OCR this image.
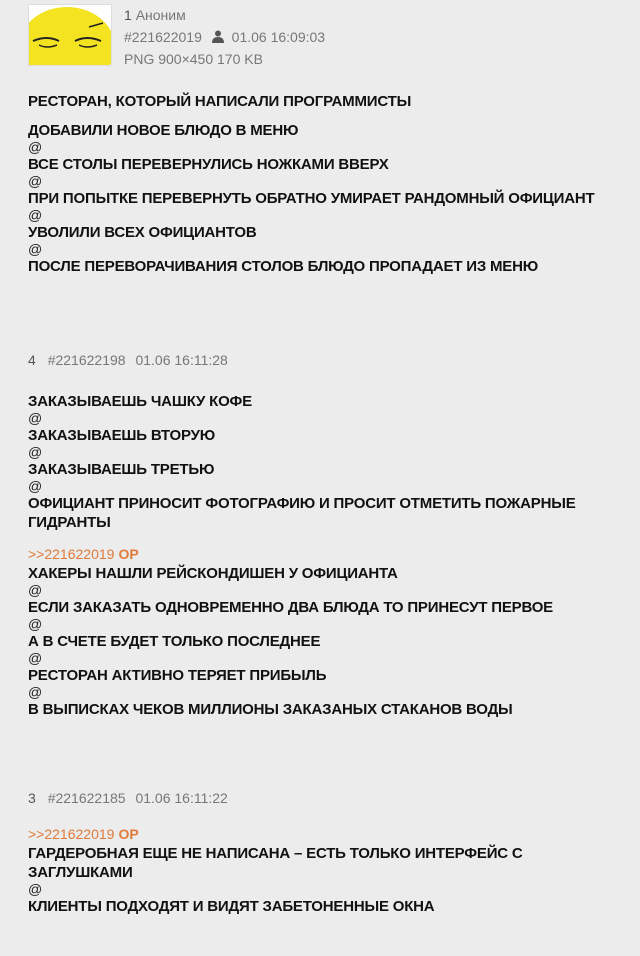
1 Аноним
#221622019 01.06 16:09:03
PNG 900×450 170 KB
РЕСТОРАН, КОТОРЫЙ НАПИСАЛИ ПРОГРАММИСТЫ
ДОБАВИЛИ НОВОЕ БЛЮДО В МЕНЮ
@
ВСЕ СТОЛЫ ПЕРЕВЕРНУЛИСЬ НОЖКАМИ ВВЕРХ
@
ПРИ ПОПЫТКЕ ПЕРЕВЕРНУТЬ ОБРАТНО УМИРАЕТ РАНДОМНЫЙ ОФИЦИАНТ
@
УВОЛИЛИ ВСЕХ ОФИЦИАНТОВ
@
ПОСЛЕ ПЕРЕВОРАЧИВАНИЯ СТОЛОВ БЛЮДО ПРОПАДАЕТ ИЗ МЕНЮ
4 #221622198 01.06 16:11:28
ЗАКАЗЫВАЕШЬ ЧАШКУ КОФЕ
@
ЗАКАЗЫВАЕШЬ ВТОРУЮ
@
ЗАКАЗЫВАЕШЬ ТРЕТЬЮ
@
ОФИЦИАНТ ПРИНОСИТ ФОТОГРАФИЮ И ПРОСИТ ОТМЕТИТЬ ПОЖАРНЫЕ ГИДРАНТЫ
>>221622019 OP
ХАКЕРЫ НАШЛИ РЕЙСКОНДИШЕН У ОФИЦИАНТА
@
ЕСЛИ ЗАКАЗАТЬ ОДНОВРЕМЕННО ДВА БЛЮДА ТО ПРИНЕСУТ ПЕРВОЕ
@
А В СЧЕТЕ БУДЕТ ТОЛЬКО ПОСЛЕДНЕЕ
@
РЕСТОРАН АКТИВНО ТЕРЯЕТ ПРИБЫЛЬ
@
В ВЫПИСКАХ ЧЕКОВ МИЛЛИОНЫ ЗАКАЗАНЫХ СТАКАНОВ ВОДЫ
3 #221622185 01.06 16:11:22
>>221622019 OP
ГАРДЕРОБНАЯ ЕЩЕ НЕ НАПИСАНА – ЕСТЬ ТОЛЬКО ИНТЕРФЕЙС С ЗАГЛУШКАМИ
@
КЛИЕНТЫ ПОДХОДЯТ И ВИДЯТ ЗАБЕТОНЕННЫЕ ОКНА
